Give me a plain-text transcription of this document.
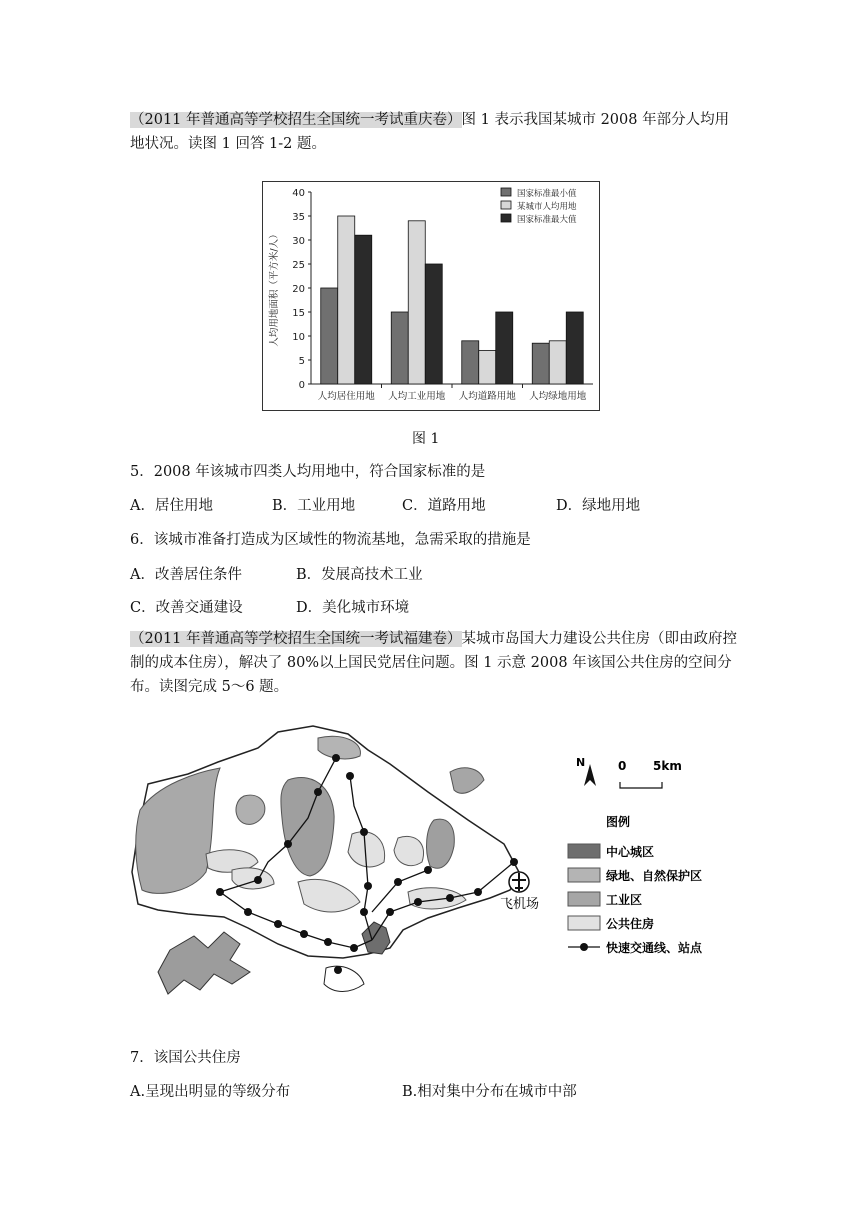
（2011 年普通高等学校招生全国统一考试重庆卷）图 1 表示我国某城市 2008 年部分人均用地状况。读图 1 回答 1-2 题。
0
5
10
15
20
25
30
35
40
人均用地面积（平方米/人）
人均居住用地 人均工业用地 人均道路用地 人均绿地用地
国家标准最小值
某城市人均用地
国家标准最大值
图 1
5．2008 年该城市四类人均用地中，符合国家标准的是
A．居住用地	B．工业用地	C．道路用地	D．绿地用地
6．该城市准备打造成为区域性的物流基地，急需采取的措施是
A．改善居住条件	B．发展高技术工业
C．改善交通建设	D．美化城市环境
（2011 年普通高等学校招生全国统一考试福建卷）某城市岛国大力建设公共住房（即由政府控制的成本住房），解决了 80%以上国民党居住问题。图 1 示意 2008 年该国公共住房的空间分布。读图完成 5～6 题。
飞机场
N	0 5km
图例
中心城区
绿地、自然保护区
工业区
公共住房
快速交通线、站点
7．该国公共住房
A.呈现出明显的等级分布	B.相对集中分布在城市中部
